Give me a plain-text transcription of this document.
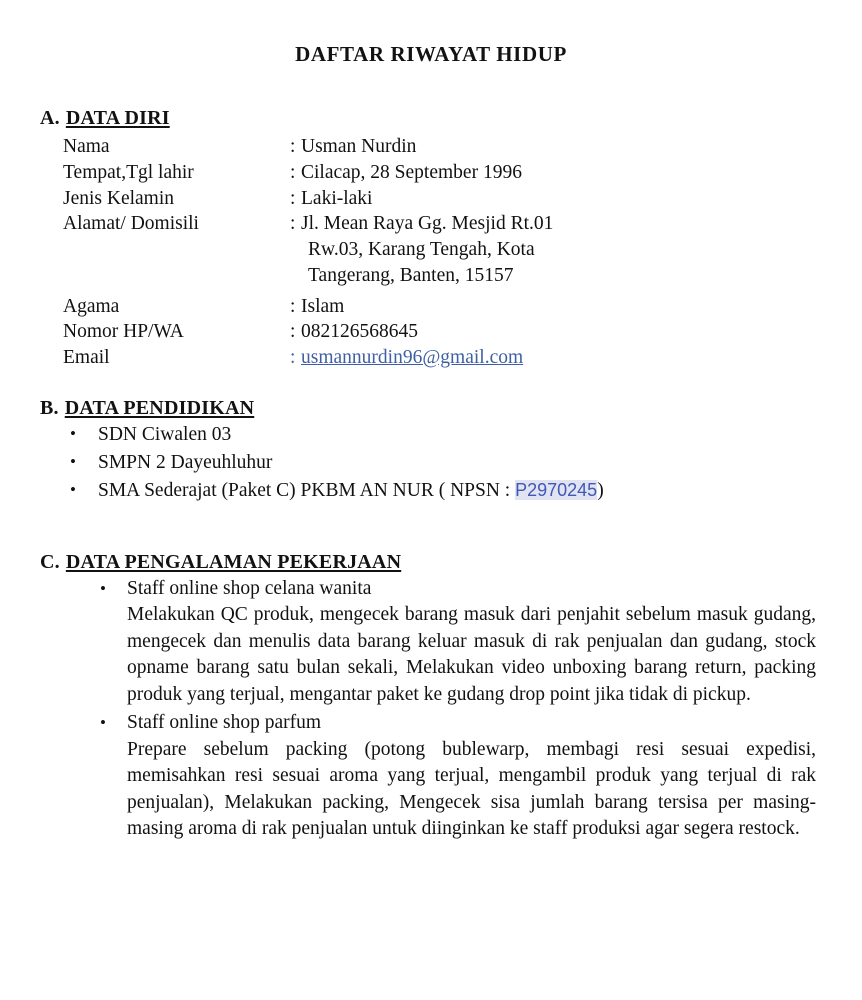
DAFTAR RIWAYAT HIDUP
A. DATA DIRI
Nama	: Usman Nurdin
Tempat,Tgl lahir	: Cilacap, 28 September 1996
Jenis Kelamin	: Laki-laki
Alamat/ Domisili	: Jl. Mean Raya Gg. Mesjid Rt.01
Rw.03, Karang Tengah, Kota
Tangerang, Banten, 15157
Agama	: Islam
Nomor HP/WA	: 082126568645
Email	: usmannurdin96@gmail.com
B. DATA PENDIDIKAN
• SDN Ciwalen 03
• SMPN 2 Dayeuhluhur
• SMA Sederajat (Paket C) PKBM AN NUR ( NPSN : P2970245)
C. DATA PENGALAMAN PEKERJAAN
• Staff online shop celana wanita
Melakukan QC produk, mengecek barang masuk dari penjahit sebelum masuk gudang, mengecek dan menulis data barang keluar masuk di rak penjualan dan gudang, stock opname barang satu bulan sekali, Melakukan video unboxing barang return, packing produk yang terjual, mengantar paket ke gudang drop point jika tidak di pickup.
• Staff online shop parfum
Prepare sebelum packing (potong bublewarp, membagi resi sesuai expedisi, memisahkan resi sesuai aroma yang terjual, mengambil produk yang terjual di rak penjualan), Melakukan packing, Mengecek sisa jumlah barang tersisa per masing-masing aroma di rak penjualan untuk diinginkan ke staff produksi agar segera restock.
